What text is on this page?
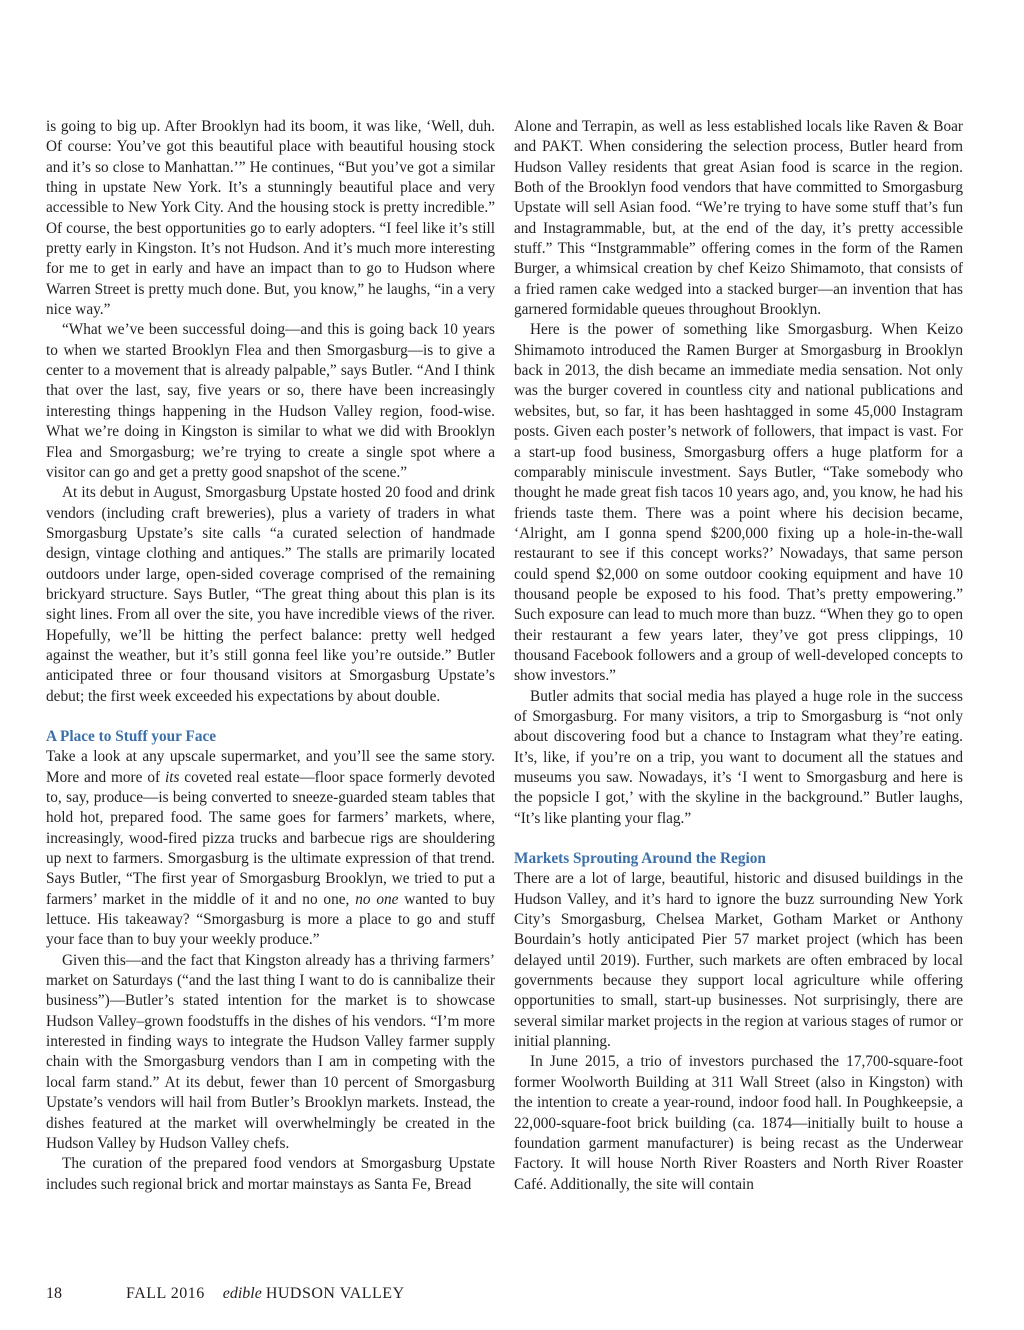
is going to big up. After Brooklyn had its boom, it was like, ‘Well, duh. Of course: You’ve got this beautiful place with beautiful housing stock and it’s so close to Manhattan.’” He continues, “But you’ve got a similar thing in upstate New York. It’s a stunningly beautiful place and very accessible to New York City. And the housing stock is pretty incredible.” Of course, the best opportunities go to early adopters. “I feel like it’s still pretty early in Kingston. It’s not Hudson. And it’s much more interesting for me to get in early and have an impact than to go to Hudson where Warren Street is pretty much done. But, you know,” he laughs, “in a very nice way.”

“What we’ve been successful doing—and this is going back 10 years to when we started Brooklyn Flea and then Smorgasburg—is to give a center to a movement that is already palpable,” says Butler. “And I think that over the last, say, five years or so, there have been increasingly interesting things happening in the Hudson Valley region, food-wise. What we’re doing in Kingston is similar to what we did with Brooklyn Flea and Smorgasburg; we’re trying to create a single spot where a visitor can go and get a pretty good snapshot of the scene.”

At its debut in August, Smorgasburg Upstate hosted 20 food and drink vendors (including craft breweries), plus a variety of traders in what Smorgasburg Upstate’s site calls “a curated selection of handmade design, vintage clothing and antiques.” The stalls are primarily located outdoors under large, open-sided coverage comprised of the remaining brickyard structure. Says Butler, “The great thing about this plan is its sight lines. From all over the site, you have incredible views of the river. Hopefully, we’ll be hitting the perfect balance: pretty well hedged against the weather, but it’s still gonna feel like you’re outside.” Butler anticipated three or four thousand visitors at Smorgasburg Upstate’s debut; the first week exceeded his expectations by about double.

A Place to Stuff your Face

Take a look at any upscale supermarket, and you’ll see the same story. More and more of its coveted real estate—floor space formerly devoted to, say, produce—is being converted to sneeze-guarded steam tables that hold hot, prepared food. The same goes for farmers’ markets, where, increasingly, wood-fired pizza trucks and barbecue rigs are shouldering up next to farmers. Smorgasburg is the ultimate expression of that trend. Says Butler, “The first year of Smorgasburg Brooklyn, we tried to put a farmers’ market in the middle of it and no one, no one wanted to buy lettuce. His takeaway? “Smorgasburg is more a place to go and stuff your face than to buy your weekly produce.”

Given this—and the fact that Kingston already has a thriving farmers’ market on Saturdays (“and the last thing I want to do is cannibalize their business”)—Butler’s stated intention for the market is to showcase Hudson Valley–grown foodstuffs in the dishes of his vendors. “I’m more interested in finding ways to integrate the Hudson Valley farmer supply chain with the Smorgasburg vendors than I am in competing with the local farm stand.” At its debut, fewer than 10 percent of Smorgasburg Upstate’s vendors will hail from Butler’s Brooklyn markets. Instead, the dishes featured at the market will overwhelmingly be created in the Hudson Valley by Hudson Valley chefs.

The curation of the prepared food vendors at Smorgasburg Upstate includes such regional brick and mortar mainstays as Santa Fe, Bread

Alone and Terrapin, as well as less established locals like Raven & Boar and PAKT. When considering the selection process, Butler heard from Hudson Valley residents that great Asian food is scarce in the region. Both of the Brooklyn food vendors that have committed to Smorgasburg Upstate will sell Asian food. “We’re trying to have some stuff that’s fun and Instagrammable, but, at the end of the day, it’s pretty accessible stuff.” This “Instgrammable” offering comes in the form of the Ramen Burger, a whimsical creation by chef Keizo Shimamoto, that consists of a fried ramen cake wedged into a stacked burger—an invention that has garnered formidable queues throughout Brooklyn.

Here is the power of something like Smorgasburg. When Keizo Shimamoto introduced the Ramen Burger at Smorgasburg in Brooklyn back in 2013, the dish became an immediate media sensation. Not only was the burger covered in countless city and national publications and websites, but, so far, it has been hashtagged in some 45,000 Instagram posts. Given each poster’s network of followers, that impact is vast. For a start-up food business, Smorgasburg offers a huge platform for a comparably miniscule investment. Says Butler, “Take somebody who thought he made great fish tacos 10 years ago, and, you know, he had his friends taste them. There was a point where his decision became, ‘Alright, am I gonna spend $200,000 fixing up a hole-in-the-wall restaurant to see if this concept works?’ Nowadays, that same person could spend $2,000 on some outdoor cooking equipment and have 10 thousand people be exposed to his food. That’s pretty empowering.” Such exposure can lead to much more than buzz. “When they go to open their restaurant a few years later, they’ve got press clippings, 10 thousand Facebook followers and a group of well-developed concepts to show investors.”

Butler admits that social media has played a huge role in the success of Smorgasburg. For many visitors, a trip to Smorgasburg is “not only about discovering food but a chance to Instagram what they’re eating. It’s, like, if you’re on a trip, you want to document all the statues and museums you saw. Nowadays, it’s ‘I went to Smorgasburg and here is the popsicle I got,’ with the skyline in the background.” Butler laughs, “It’s like planting your flag.”

Markets Sprouting Around the Region

There are a lot of large, beautiful, historic and disused buildings in the Hudson Valley, and it’s hard to ignore the buzz surrounding New York City’s Smorgasburg, Chelsea Market, Gotham Market or Anthony Bourdain’s hotly anticipated Pier 57 market project (which has been delayed until 2019). Further, such markets are often embraced by local governments because they support local agriculture while offering opportunities to small, start-up businesses. Not surprisingly, there are several similar market projects in the region at various stages of rumor or initial planning.

In June 2015, a trio of investors purchased the 17,700-square-foot former Woolworth Building at 311 Wall Street (also in Kingston) with the intention to create a year-round, indoor food hall. In Poughkeepsie, a 22,000-square-foot brick building (ca. 1874—initially built to house a foundation garment manufacturer) is being recast as the Underwear Factory. It will house North River Roasters and North River Roaster Café. Additionally, the site will contain

18	FALL 2016 edible HUDSON VALLEY
